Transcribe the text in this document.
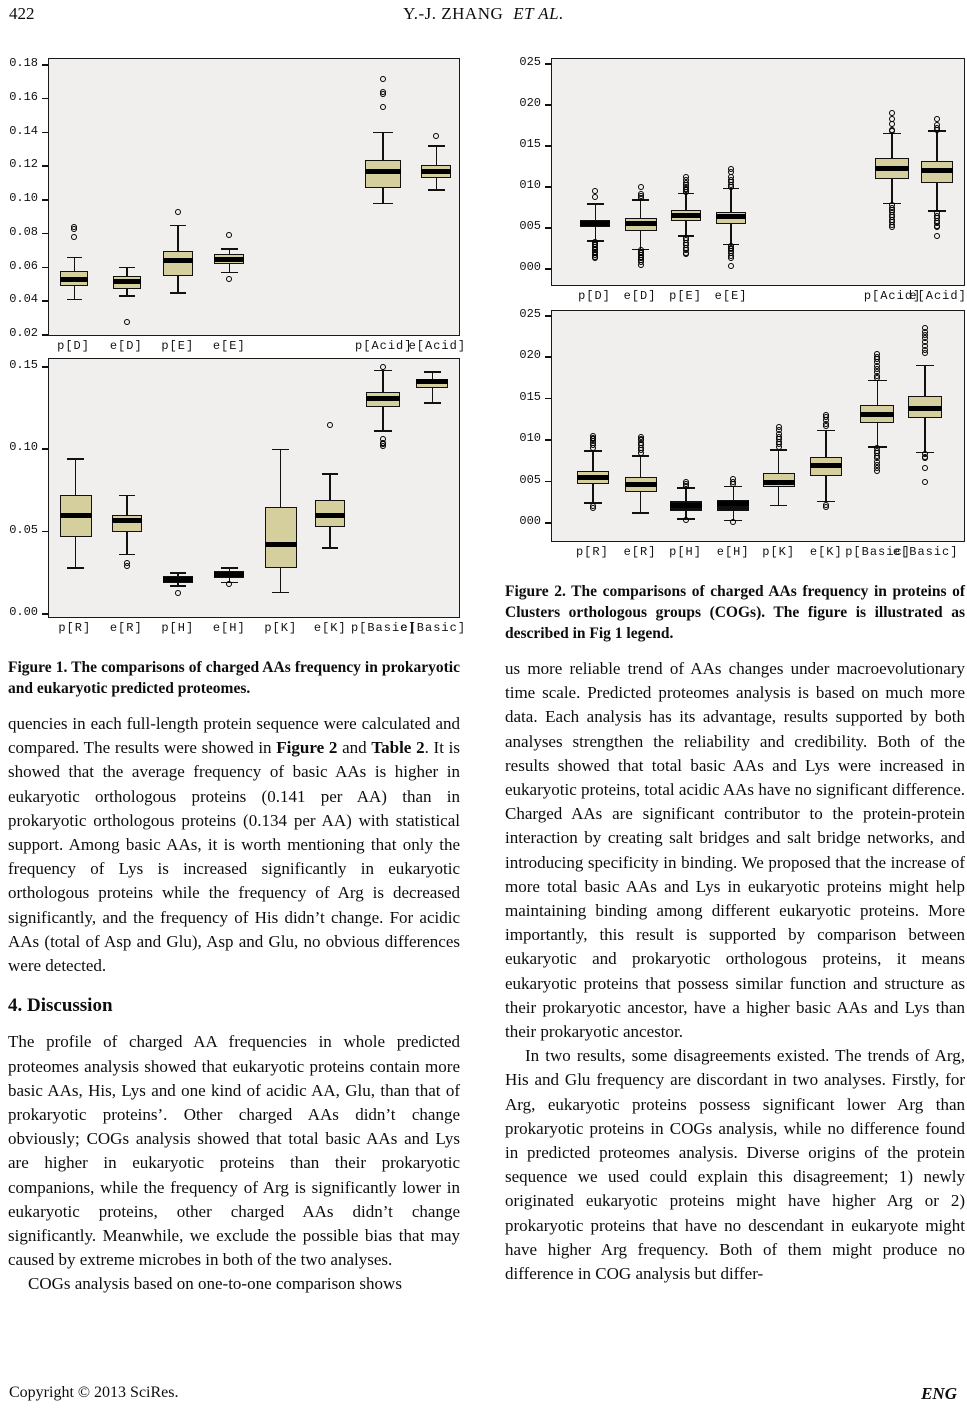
422	Y.-J. ZHANG ET AL.
0.18
0.16
0.14
0.12
0.10
0.08
0.06
0.04
0.02
p[D]	e[D]	p[E]	e[E]	p[Acid]
e[Acid]
0.15
0.10
0.05
0.00
p[R]	e[R]	p[H]	e[H]	p[K]	e[K] p[Basic]
e[Basic]
Figure 1. The comparisons of charged AAs frequency in prokaryotic and eukaryotic predicted proteomes.

quencies in each full-length protein sequence were calculated and compared. The results were showed in Figure 2 and Table 2. It is showed that the average frequency of basic AAs is higher in eukaryotic orthologous proteins (0.141 per AA) than in prokaryotic orthologous proteins (0.134 per AA) with statistical support. Among basic AAs, it is worth mentioning that only the frequency of Lys is increased significantly in eukaryotic orthologous proteins while the frequency of Arg is decreased significantly, and the frequency of His didn’t change. For acidic AAs (total of Asp and Glu), Asp and Glu, no obvious differences were detected.

4. Discussion

The profile of charged AA frequencies in whole predicted proteomes analysis showed that eukaryotic proteins contain more basic AAs, His, Lys and one kind of acidic AA, Glu, than that of prokaryotic proteins’. Other charged AAs didn’t change obviously; COGs analysis showed that total basic AAs and Lys are higher in eukaryotic proteins than their prokaryotic companions, while the frequency of Arg is significantly lower in eukaryotic proteins, other charged AAs didn’t change significantly. Meanwhile, we exclude the possible bias that may caused by extreme microbes in both of the two analyses.

COGs analysis based on one-to-one comparison shows

025
020
015
010
005
000
p[D]	e[D]	p[E]	e[E]	p[Acid]
e[Acid]
025
020
015
010
005
000
p[R]	e[R]	p[H]	e[H]	p[K]	e[K] p[Basic]
e[Basic]
Figure 2. The comparisons of charged AAs frequency in proteins of Clusters orthologous groups (COGs). The figure is illustrated as described in Fig 1 legend.

us more reliable trend of AAs changes under macroevolutionary time scale. Predicted proteomes analysis is based on much more data. Each analysis has its advantage, results supported by both analyses strengthen the reliability and credibility. Both of the results showed that total basic AAs and Lys were increased in eukaryotic proteins, total acidic AAs have no significant difference. Charged AAs are significant contributor to the protein-protein interaction by creating salt bridges and salt bridge networks, and introducing specificity in binding. We proposed that the increase of more total basic AAs and Lys in eukaryotic proteins might help maintaining binding among different eukaryotic proteins. More importantly, this result is supported by comparison between eukaryotic and prokaryotic orthologous proteins, it means eukaryotic proteins that possess similar function and structure as their prokaryotic ancestor, have a higher basic AAs and Lys than their prokaryotic ancestor.

In two results, some disagreements existed. The trends of Arg, His and Glu frequency are discordant in two analyses. Firstly, for Arg, eukaryotic proteins possess significant lower Arg than prokaryotic proteins in COGs analysis, while no difference found in predicted proteomes analysis. Diverse origins of the protein sequence we used could explain this disagreement; 1) newly originated eukaryotic proteins might have higher Arg or 2) prokaryotic proteins that have no descendant in eukaryote might have higher Arg frequency. Both of them might produce no difference in COG analysis but differ-

Copyright © 2013 SciRes.	ENG
